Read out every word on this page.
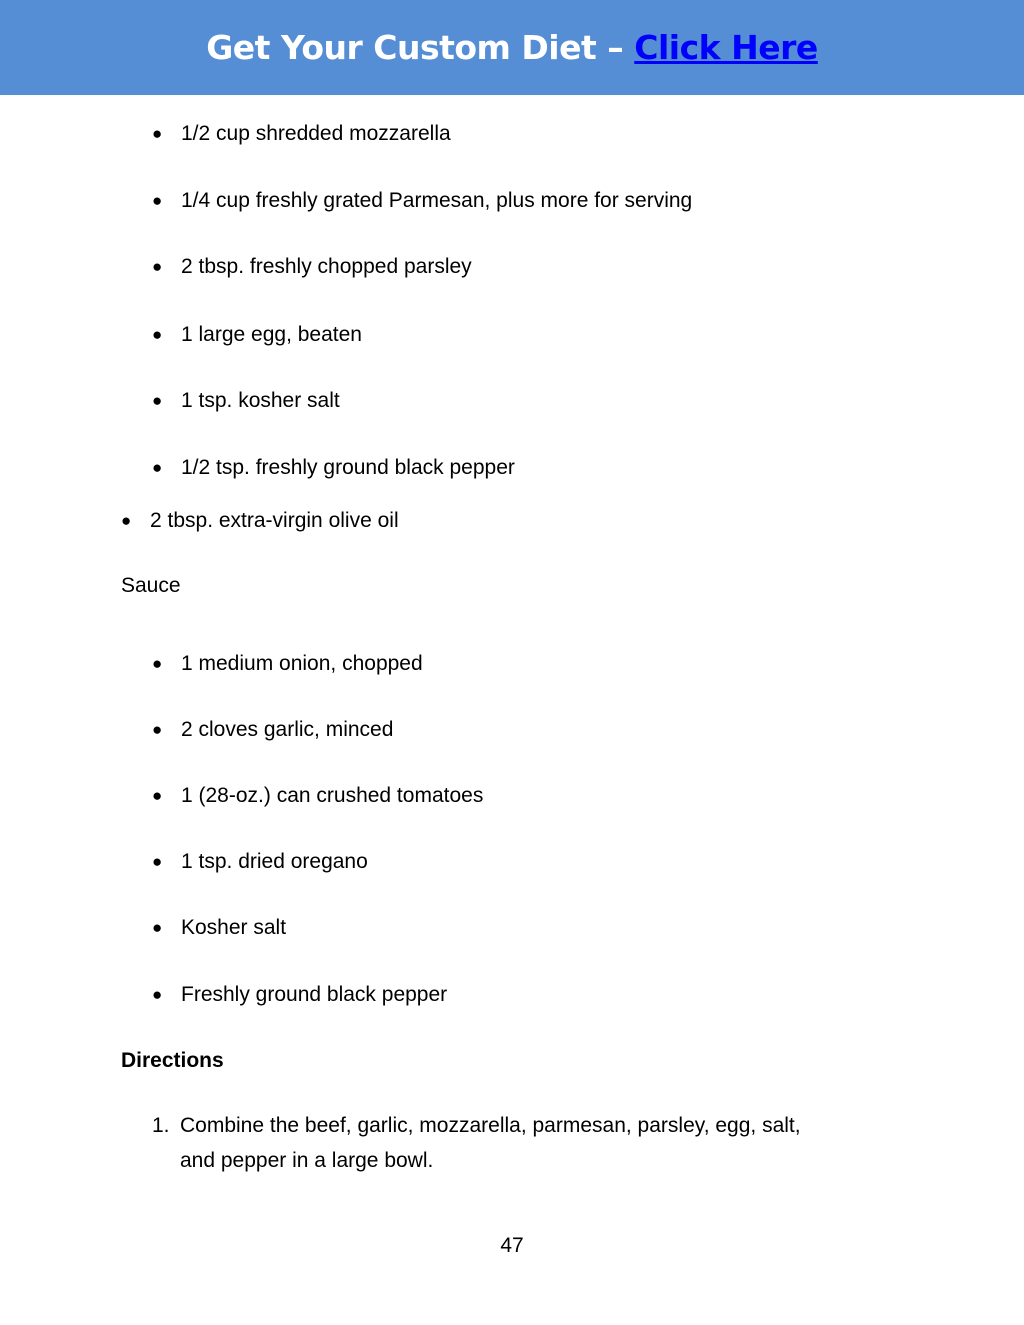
Get Your Custom Diet – Click Here
● 1/2 cup shredded mozzarella
● 1/4 cup freshly grated Parmesan, plus more for serving
● 2 tbsp. freshly chopped parsley
● 1 large egg, beaten
● 1 tsp. kosher salt
● 1/2 tsp. freshly ground black pepper
● 2 tbsp. extra-virgin olive oil
Sauce
● 1 medium onion, chopped
● 2 cloves garlic, minced
● 1 (28-oz.) can crushed tomatoes
● 1 tsp. dried oregano
● Kosher salt
● Freshly ground black pepper
Directions
1. Combine the beef, garlic, mozzarella, parmesan, parsley, egg, salt,
and pepper in a large bowl.
47
